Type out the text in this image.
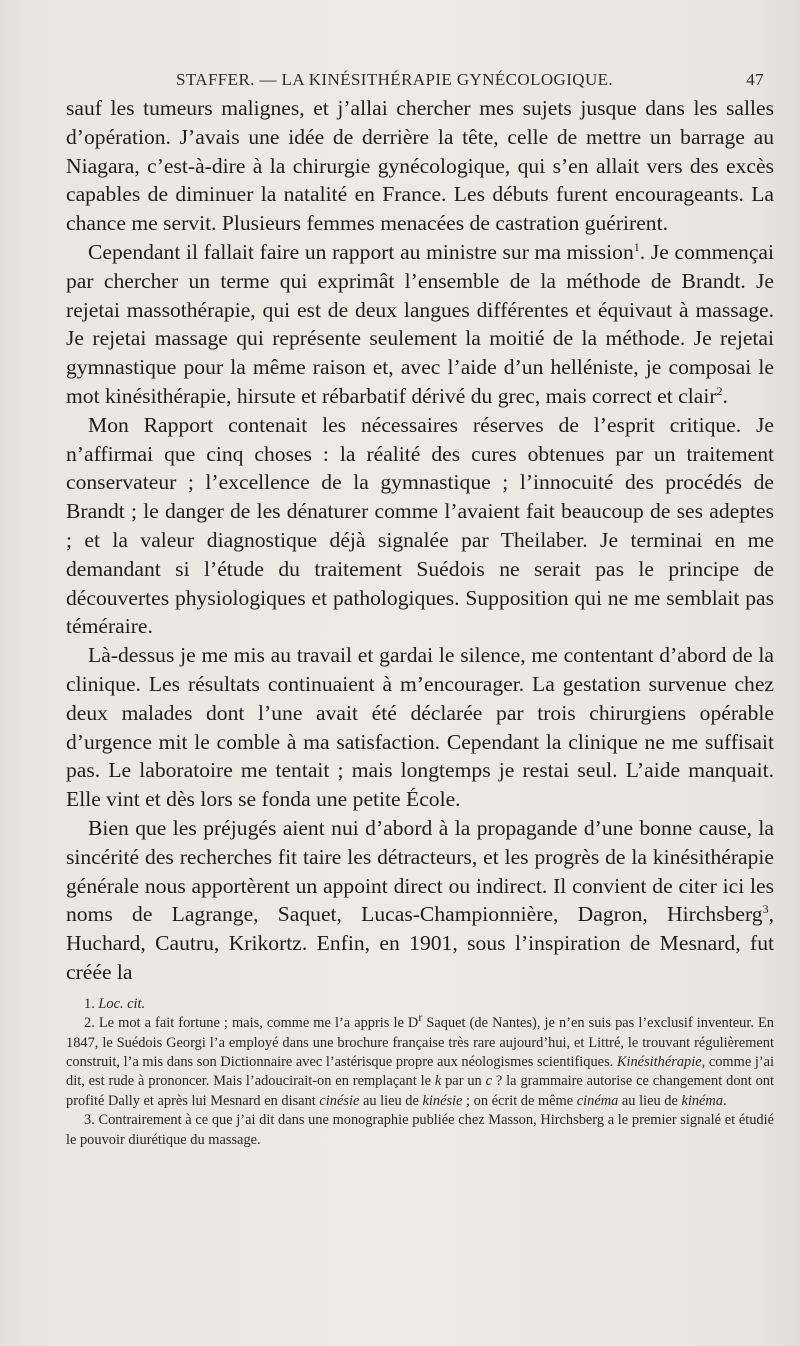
STAFFER. — LA KINÉSITHÉRAPIE GYNÉCOLOGIQUE.	47

sauf les tumeurs malignes, et j’allai chercher mes sujets jusque dans les salles d’opération. J’avais une idée de derrière la tête, celle de mettre un barrage au Niagara, c’est-à-dire à la chirurgie gynécologique, qui s’en allait vers des excès capables de diminuer la natalité en France. Les débuts furent encourageants. La chance me servit. Plusieurs femmes menacées de castration guérirent.

Cependant il fallait faire un rapport au ministre sur ma mission$^1$. Je commençai par chercher un terme qui exprimât l’ensemble de la méthode de Brandt. Je rejetai massothérapie, qui est de deux langues différentes et équivaut à massage. Je rejetai massage qui représente seulement la moitié de la méthode. Je rejetai gymnastique pour la même raison et, avec l’aide d’un helléniste, je composai le mot kinésithérapie, hirsute et rébarbatif dérivé du grec, mais correct et clair$^2$.

Mon Rapport contenait les nécessaires réserves de l’esprit critique. Je n’affirmai que cinq choses : la réalité des cures obtenues par un traitement conservateur ; l’excellence de la gymnastique ; l’innocuité des procédés de Brandt ; le danger de les dénaturer comme l’avaient fait beaucoup de ses adeptes ; et la valeur diagnostique déjà signalée par Theilaber. Je terminai en me demandant si l’étude du traitement Suédois ne serait pas le principe de découvertes physiologiques et pathologiques. Supposition qui ne me semblait pas téméraire.

Là-dessus je me mis au travail et gardai le silence, me contentant d’abord de la clinique. Les résultats continuaient à m’encourager. La gestation survenue chez deux malades dont l’une avait été déclarée par trois chirurgiens opérable d’urgence mit le comble à ma satisfaction. Cependant la clinique ne me suffisait pas. Le laboratoire me tentait ; mais longtemps je restai seul. L’aide manquait. Elle vint et dès lors se fonda une petite École.

Bien que les préjugés aient nui d’abord à la propagande d’une bonne cause, la sincérité des recherches fit taire les détracteurs, et les progrès de la kinésithérapie générale nous apportèrent un appoint direct ou indirect. Il convient de citer ici les noms de Lagrange, Saquet, Lucas-Championnière, Dagron, Hirchsberg$^3$, Huchard, Cautru, Krikortz. Enfin, en 1901, sous l’inspiration de Mesnard, fut créée la

1. Loc. cit.

2. Le mot a fait fortune ; mais, comme me l’a appris le $D^r$ Saquet (de Nantes), je n’en suis pas l’exclusif inventeur. En 1847, le Suédois Georgi l’a employé dans une brochure française très rare aujourd’hui, et Littré, le trouvant régulièrement construit, l’a mis dans son Dictionnaire avec l’astérisque propre aux néologismes scientifiques. Kinésithérapie, comme j’ai dit, est rude à prononcer. Mais l’adoucirait-on en remplaçant le k par un c ? la grammaire autorise ce changement dont ont profité Dally et après lui Mesnard en disant cinésie au lieu de kinésie ; on écrit de même cinéma au lieu de kinéma.

3. Contrairement à ce que j’ai dit dans une monographie publiée chez Masson, Hirchsberg a le premier signalé et étudié le pouvoir diurétique du massage.
